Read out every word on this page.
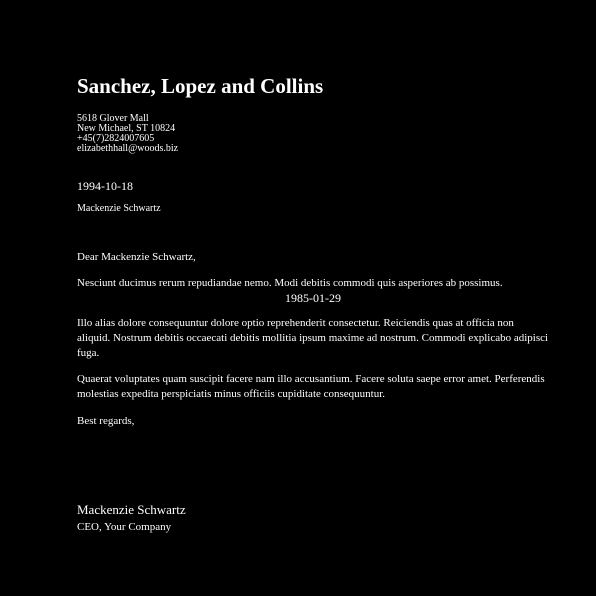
Sanchez, Lopez and Collins
5618 Glover Mall
New Michael, ST 10824
+45(7)2824007605
elizabethhall@woods.biz
1994-10-18
Mackenzie Schwartz
Dear Mackenzie Schwartz,
Nesciunt ducimus rerum repudiandae nemo. Modi debitis commodi quis asperiores ab possimus.
1985-01-29
Illo alias dolore consequuntur dolore optio reprehenderit consectetur. Reiciendis quas at officia non aliquid. Nostrum debitis occaecati debitis mollitia ipsum maxime ad nostrum. Commodi explicabo adipisci fuga.
Quaerat voluptates quam suscipit facere nam illo accusantium. Facere soluta saepe error amet. Perferendis molestias expedita perspiciatis minus officiis cupiditate consequuntur.
Best regards,
Mackenzie Schwartz
CEO, Your Company
